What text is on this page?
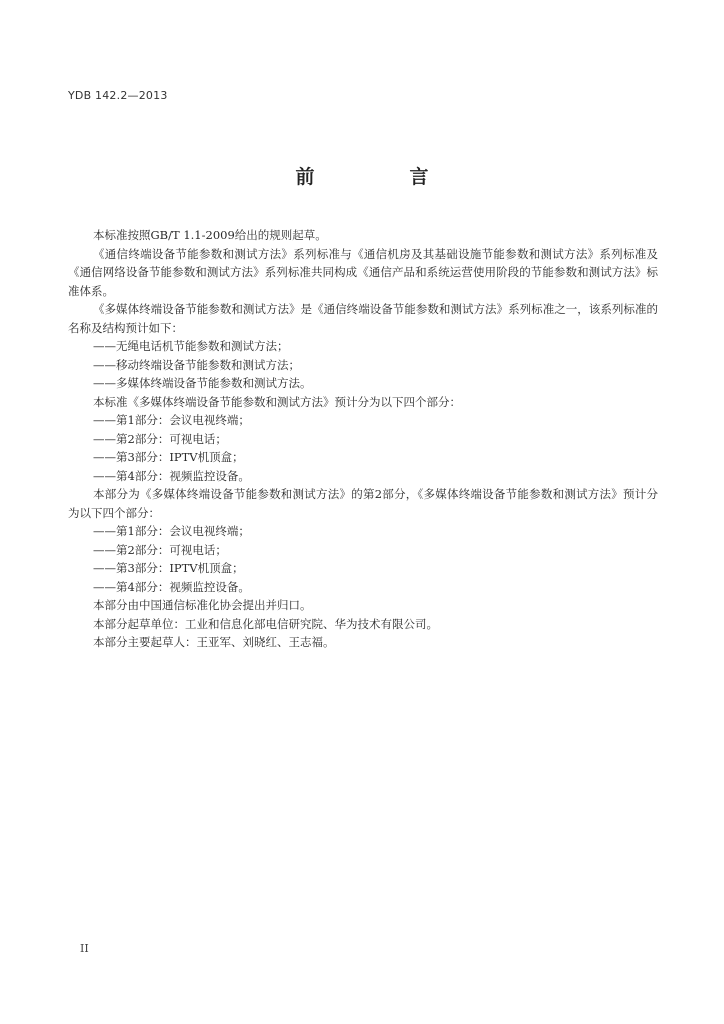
YDB 142.2—2013
前　言

本标准按照GB/T 1.1-2009给出的规则起草。

《通信终端设备节能参数和测试方法》系列标准与《通信机房及其基础设施节能参数和测试方法》系列标准及《通信网络设备节能参数和测试方法》系列标准共同构成《通信产品和系统运营使用阶段的节能参数和测试方法》标准体系。

《多媒体终端设备节能参数和测试方法》是《通信终端设备节能参数和测试方法》系列标准之一，该系列标准的名称及结构预计如下：

——无绳电话机节能参数和测试方法；
——移动终端设备节能参数和测试方法；
——多媒体终端设备节能参数和测试方法。

本标准《多媒体终端设备节能参数和测试方法》预计分为以下四个部分：

——第1部分：会议电视终端；
——第2部分：可视电话；
——第3部分：IPTV机顶盒；
——第4部分：视频监控设备。

本部分为《多媒体终端设备节能参数和测试方法》的第2部分，《多媒体终端设备节能参数和测试方法》预计分为以下四个部分：

——第1部分：会议电视终端；
——第2部分：可视电话；
——第3部分：IPTV机顶盒；
——第4部分：视频监控设备。

本部分由中国通信标准化协会提出并归口。

本部分起草单位：工业和信息化部电信研究院、华为技术有限公司。

本部分主要起草人：王亚军、刘晓红、王志福。

II
